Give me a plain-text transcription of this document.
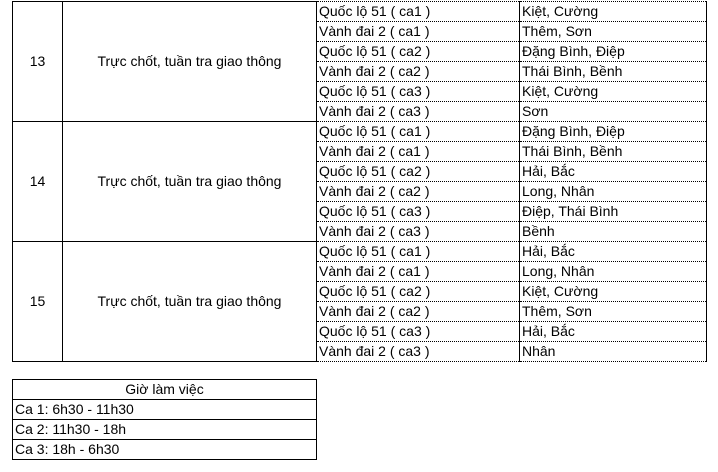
13	Trực chốt, tuần tra giao thông	Quốc lộ 51 ( ca1 )	Kiệt, Cường
		Vành đai 2 ( ca1 )	Thêm, Sơn
		Quốc lộ 51 ( ca2 )	Đặng Bình, Điệp
		Vành đai 2 ( ca2 )	Thái Bình, Bềnh
		Quốc lộ 51 ( ca3 )	Kiệt, Cường
		Vành đai 2 ( ca3 )	Sơn
14	Trực chốt, tuần tra giao thông	Quốc lộ 51 ( ca1 )	Đặng Bình, Điệp
		Vành đai 2 ( ca1 )	Thái Bình, Bềnh
		Quốc lộ 51 ( ca2 )	Hải, Bắc
		Vành đai 2 ( ca2 )	Long, Nhân
		Quốc lộ 51 ( ca3 )	Điệp, Thái Bình
		Vành đai 2 ( ca3 )	Bềnh
15	Trực chốt, tuần tra giao thông	Quốc lộ 51 ( ca1 )	Hải, Bắc
		Vành đai 2 ( ca1 )	Long, Nhân
		Quốc lộ 51 ( ca2 )	Kiệt, Cường
		Vành đai 2 ( ca2 )	Thêm, Sơn
		Quốc lộ 51 ( ca3 )	Hải, Bắc
		Vành đai 2 ( ca3 )	Nhân
Giờ làm việc
Ca 1: 6h30 - 11h30
Ca 2: 11h30 - 18h
Ca 3: 18h - 6h30
